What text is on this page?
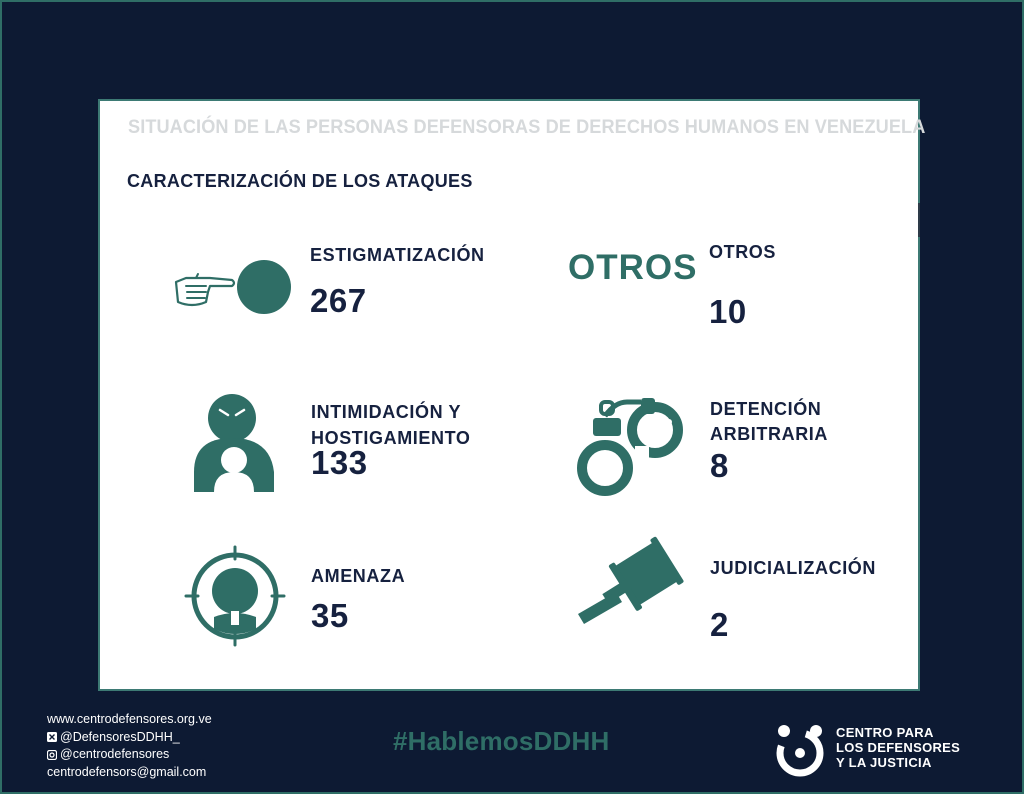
SITUACIÓN DE LAS PERSONAS DEFENSORAS DE DERECHOS HUMANOS EN VENEZUELA
CARACTERIZACIÓN DE LOS ATAQUES
ESTIGMATIZACIÓN
267
OTROS OTROS
10
INTIMIDACIÓN Y
HOSTIGAMIENTO
133
DETENCIÓN
ARBITRARIA
8
AMENAZA
35
JUDICIALIZACIÓN
2
www.centrodefensores.org.ve
@DefensoresDDHH_
@centrodefensores
centrodefensors@gmail.com
#HablemosDDHH	CENTRO PARA
LOS DEFENSORES
Y LA JUSTICIA
